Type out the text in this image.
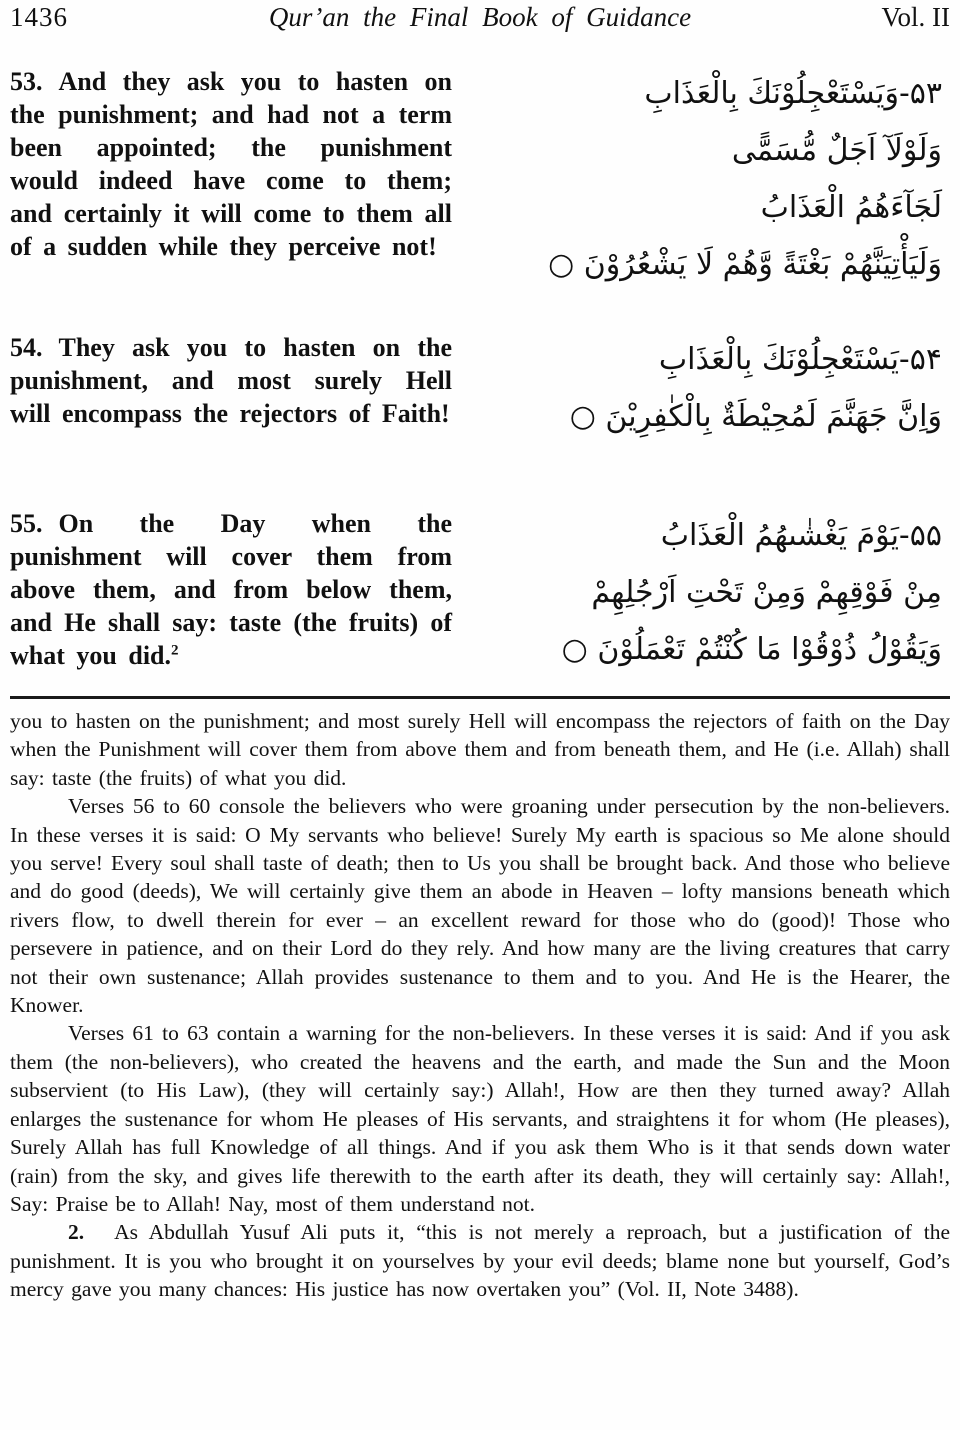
1436	Qur’an the Final Book of Guidance	Vol. II
53. And they ask you to hasten on the punishment; and had not a term been appointed; the punishment would indeed have come to them; and certainly it will come to them all of a sudden while they perceive not!
۵۳-وَيَسْتَعْجِلُوْنَكَ بِالْعَذَابِ
وَلَوْلَآ اَجَلٌ مُّسَمًّى
لَجَآءَهُمُ الْعَذَابُ
وَلَيَأْتِيَنَّهُمْ بَغْتَةً وَّهُمْ لَا يَشْعُرُوْنَ ○
54. They ask you to hasten on the punishment, and most surely Hell will encompass the rejectors of Faith!
۵۴-يَسْتَعْجِلُوْنَكَ بِالْعَذَابِ
وَاِنَّ جَهَنَّمَ لَمُحِيْطَةٌ بِالْكٰفِرِيْنَ ○
55. On the Day when the punishment will cover them from above them, and from below them, and He shall say: taste (the fruits) of what you did.$^2$
۵۵-يَوْمَ يَغْشٰىهُمُ الْعَذَابُ
مِنْ فَوْقِهِمْ وَمِنْ تَحْتِ اَرْجُلِهِمْ
وَيَقُوْلُ ذُوْقُوْا مَا كُنْتُمْ تَعْمَلُوْنَ ○

you to hasten on the punishment; and most surely Hell will encompass the rejectors of faith on the Day when the Punishment will cover them from above them and from beneath them, and He (i.e. Allah) shall say: taste (the fruits) of what you did.

Verses 56 to 60 console the believers who were groaning under persecution by the non-believers. In these verses it is said: O My servants who believe! Surely My earth is spacious so Me alone should you serve! Every soul shall taste of death; then to Us you shall be brought back. And those who believe and do good (deeds), We will certainly give them an abode in Heaven – lofty mansions beneath which rivers flow, to dwell therein for ever – an excellent reward for those who do (good)! Those who persevere in patience, and on their Lord do they rely. And how many are the living creatures that carry not their own sustenance; Allah provides sustenance to them and to you. And He is the Hearer, the Knower.

Verses 61 to 63 contain a warning for the non-believers. In these verses it is said: And if you ask them (the non-believers), who created the heavens and the earth, and made the Sun and the Moon subservient (to His Law), (they will certainly say:) Allah!, How are then they turned away? Allah enlarges the sustenance for whom He pleases of His servants, and straightens it for whom (He pleases), Surely Allah has full Knowledge of all things. And if you ask them Who is it that sends down water (rain) from the sky, and gives life therewith to the earth after its death, they will certainly say: Allah!, Say: Praise be to Allah! Nay, most of them understand not.

2. As Abdullah Yusuf Ali puts it, “this is not merely a reproach, but a justification of the punishment. It is you who brought it on yourselves by your evil deeds; blame none but yourself, God’s mercy gave you many chances: His justice has now overtaken you” (Vol. II, Note 3488).
